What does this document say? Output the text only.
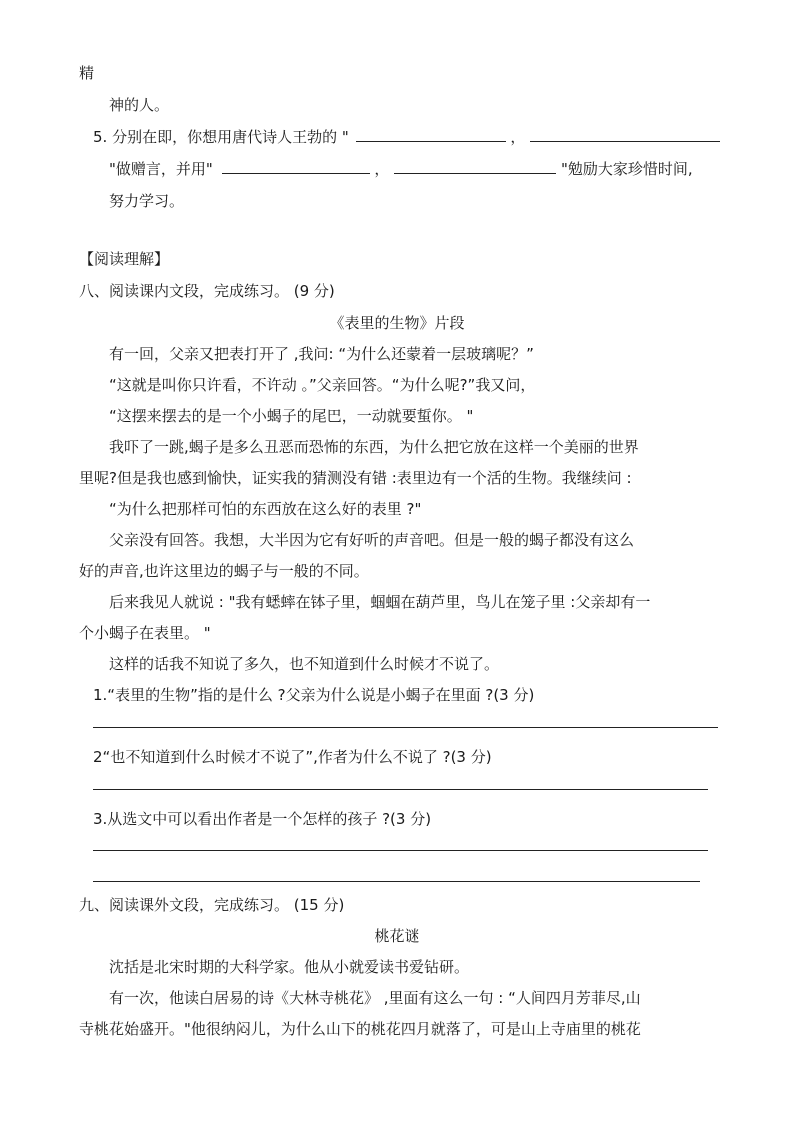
精
神的人。
5. 分别在即，你想用唐代诗人王勃的 "	，
"做赠言，并用"	，	"勉励大家珍惜时间,
努力学习。
【阅读理解】
八、阅读课内文段，完成练习。 (9 分)
《表里的生物》片段
有一回，父亲又把表打开了 ,我问: “为什么还蒙着一层玻璃呢？”
“这就是叫你只许看，不许动 。”父亲回答。“为什么呢?”我又问，
“这摆来摆去的是一个小蝎子的尾巴，一动就要蜇你。 "
我吓了一跳,蝎子是多么丑恶而恐怖的东西，为什么把它放在这样一个美丽的世界
里呢?但是我也感到愉快，证实我的猜测没有错 :表里边有一个活的生物。我继续问 :
“为什么把那样可怕的东西放在这么好的表里 ?"
父亲没有回答。我想，大半因为它有好听的声音吧。但是一般的蝎子都没有这么
好的声音,也许这里边的蝎子与一般的不同。
后来我见人就说 : "我有蟋蟀在钵子里，蝈蝈在葫芦里，鸟儿在笼子里 :父亲却有一
个小蝎子在表里。 "
这样的话我不知说了多久，也不知道到什么时候才不说了。
1.“表里的生物”指的是什么 ?父亲为什么说是小蝎子在里面 ?(3 分)
2“也不知道到什么时候才不说了”,作者为什么不说了 ?(3 分)
3.从选文中可以看出作者是一个怎样的孩子 ?(3 分)
九、阅读课外文段，完成练习。 (15 分)
桃花谜
沈括是北宋时期的大科学家。他从小就爱读书爱钻研。
有一次，他读白居易的诗《大林寺桃花》 ,里面有这么一句 : “人间四月芳菲尽,山
寺桃花始盛开。"他很纳闷儿，为什么山下的桃花四月就落了，可是山上寺庙里的桃花
